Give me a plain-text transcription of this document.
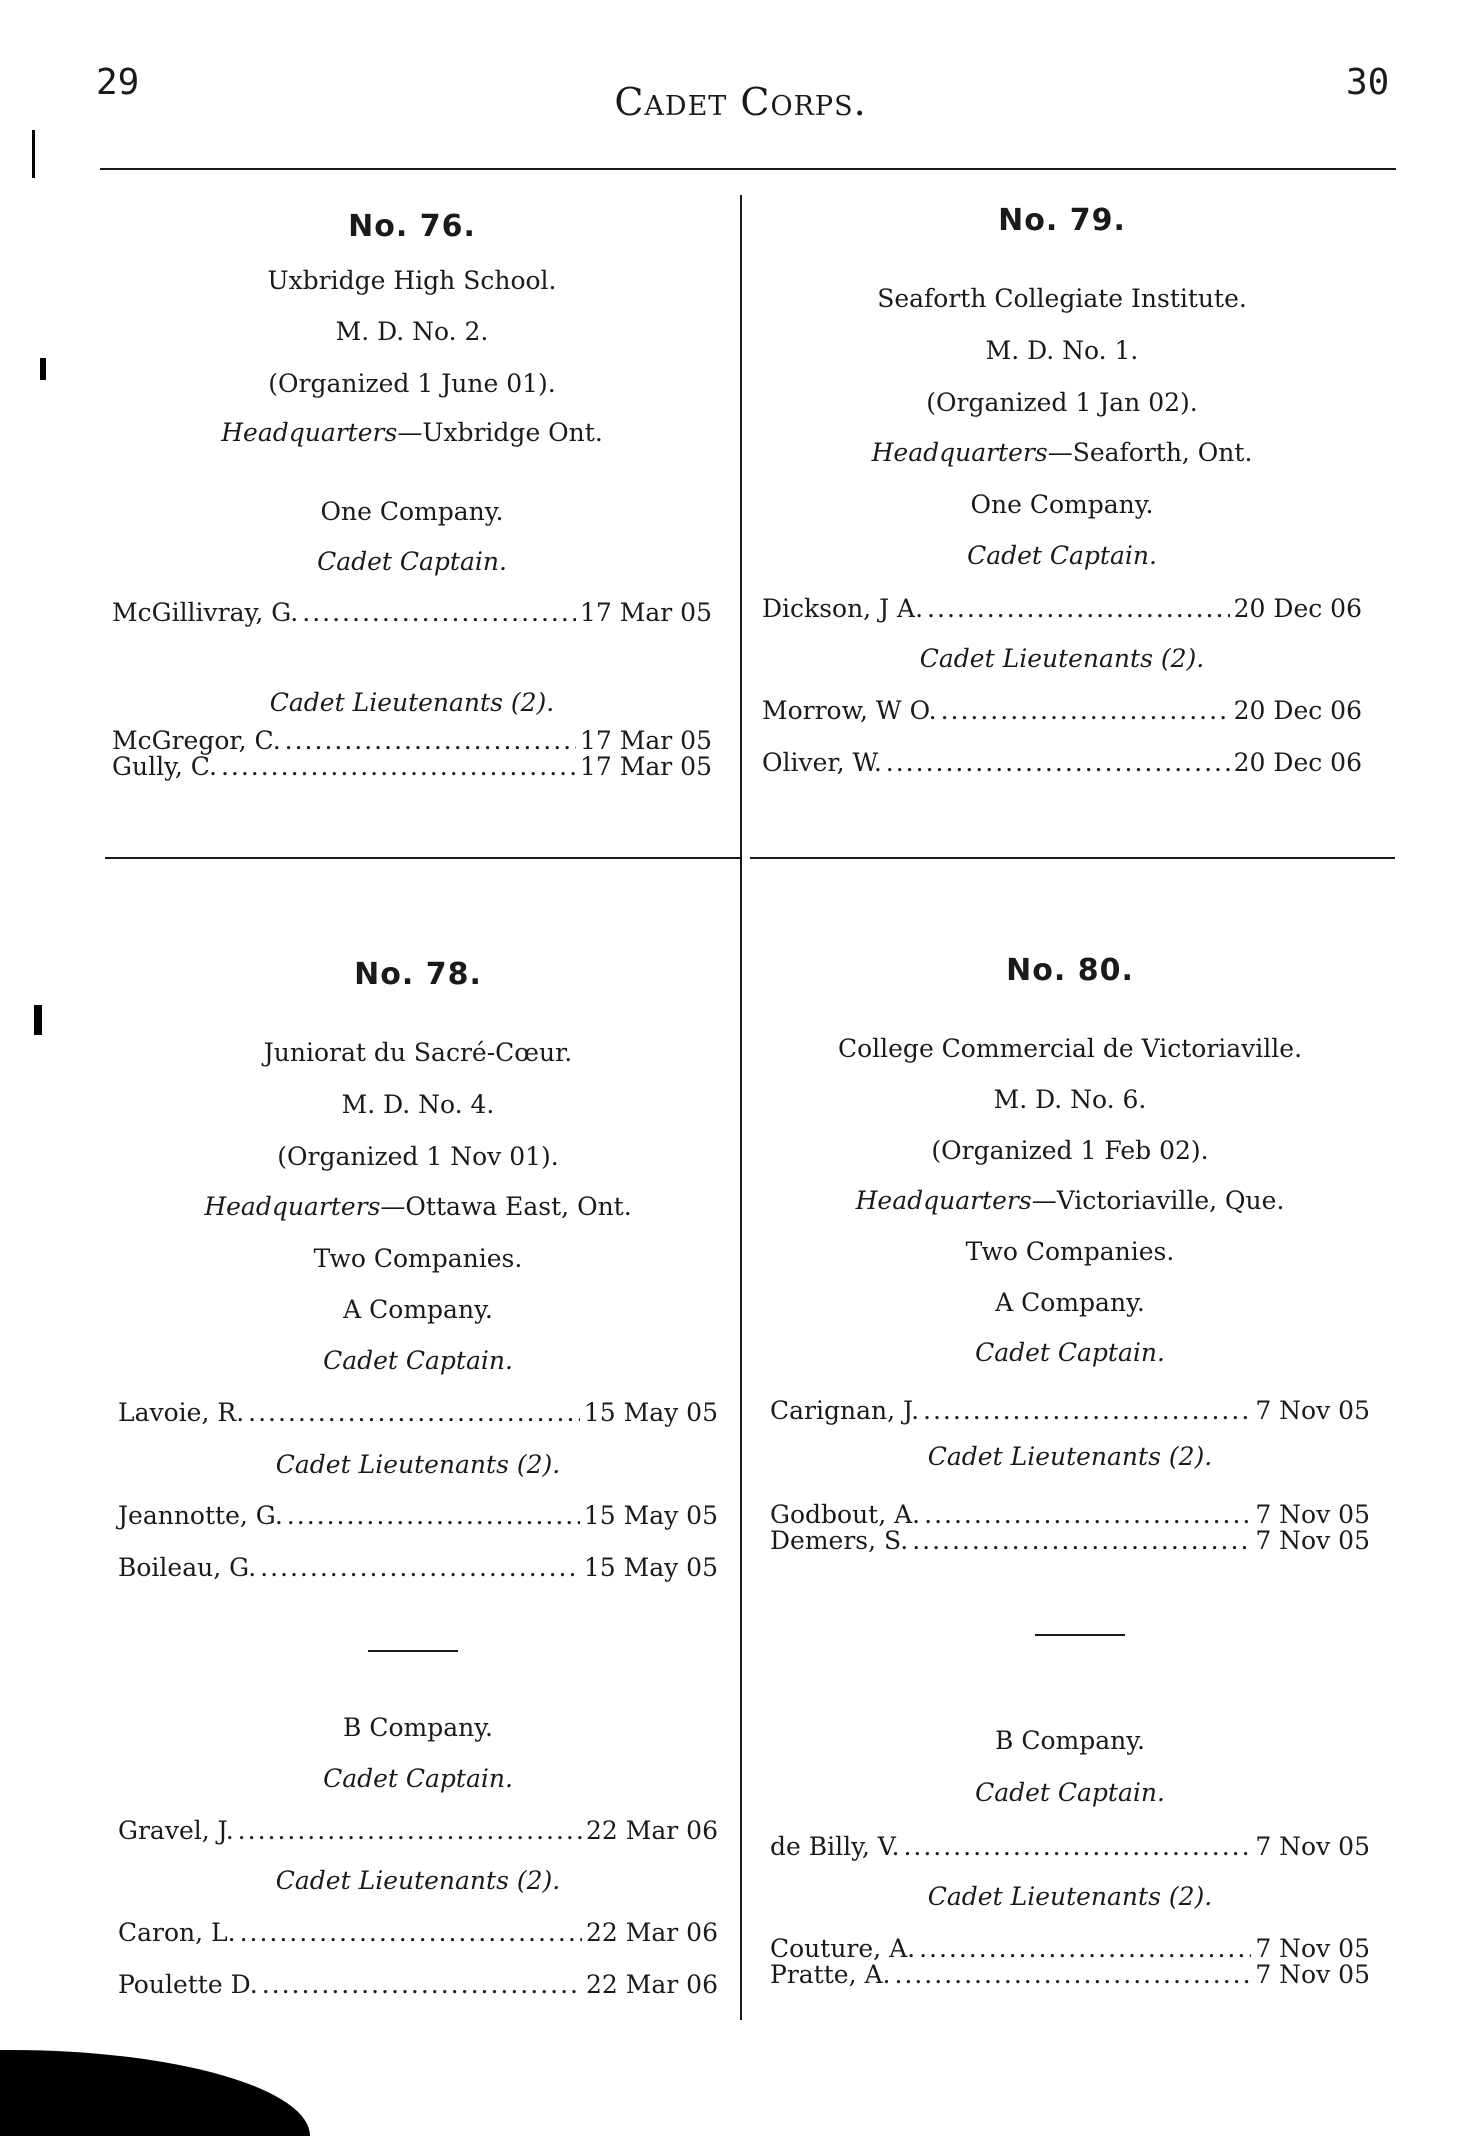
29	Cadet Corps.	30
No. 76.
Uxbridge High School.
M. D. No. 2.
(Organized 1 June 01).
Headquarters—Uxbridge Ont.
One Company.
Cadet Captain.
McGillivray, G. .....	17 Mar 05
Cadet Lieutenants (2).
McGregor, C. .....	17 Mar 05
Gully, C. .....	17 Mar 05
No. 79.
Seaforth Collegiate Institute.
M. D. No. 1.
(Organized 1 Jan 02).
Headquarters—Seaforth, Ont.
One Company.
Cadet Captain.
Dickson, J A. .....	20 Dec 06
Cadet Lieutenants (2).
Morrow, W O. .....	20 Dec 06
Oliver, W. .....	20 Dec 06
No. 78.
Juniorat du Sacré-Cœur.
M. D. No. 4.
(Organized 1 Nov 01).
Headquarters—Ottawa East, Ont.
Two Companies.
A Company.
Cadet Captain.
Lavoie, R. .....	15 May 05
Cadet Lieutenants (2).
Jeannotte, G. .....	15 May 05
Boileau, G. .....	15 May 05
B Company.
Cadet Captain.
Gravel, J. .....	22 Mar 06
Cadet Lieutenants (2).
Caron, L. .....	22 Mar 06
Poulette D. .....	22 Mar 06
No. 80.
College Commercial de Victoriaville.
M. D. No. 6.
(Organized 1 Feb 02).
Headquarters—Victoriaville, Que.
Two Companies.
A Company.
Cadet Captain.
Carignan, J. .....	7 Nov 05
Cadet Lieutenants (2).
Godbout, A. .....	7 Nov 05
Demers, S. .....	7 Nov 05
B Company.
Cadet Captain.
de Billy, V. .....	7 Nov 05
Cadet Lieutenants (2).
Couture, A. .....	7 Nov 05
Pratte, A. .....	7 Nov 05
